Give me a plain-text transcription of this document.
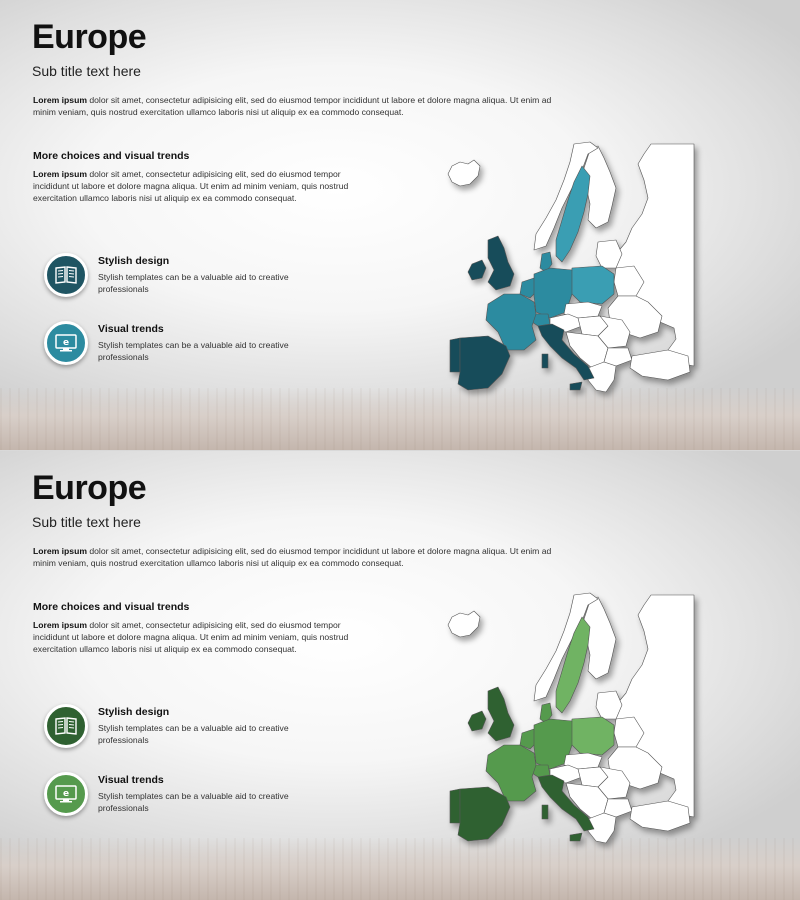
Europe
Sub title text here

Lorem ipsum dolor sit amet, consectetur adipisicing elit, sed do eiusmod tempor incididunt ut labore et dolore magna aliqua. Ut enim ad minim veniam, quis nostrud exercitation ullamco laboris nisi ut aliquip ex ea commodo consequat.

More choices and visual trends

Lorem ipsum dolor sit amet, consectetur adipisicing elit, sed do eiusmod tempor incididunt ut labore et dolore magna aliqua. Ut enim ad minim veniam, quis nostrud exercitation ullamco laboris nisi ut aliquip ex ea commodo consequat.

Stylish design
Stylish templates can be a valuable aid to creative professionals
e
Visual trends
Stylish templates can be a valuable aid to creative professionals
Europe
Sub title text here

Lorem ipsum dolor sit amet, consectetur adipisicing elit, sed do eiusmod tempor incididunt ut labore et dolore magna aliqua. Ut enim ad minim veniam, quis nostrud exercitation ullamco laboris nisi ut aliquip ex ea commodo consequat.

More choices and visual trends

Lorem ipsum dolor sit amet, consectetur adipisicing elit, sed do eiusmod tempor incididunt ut labore et dolore magna aliqua. Ut enim ad minim veniam, quis nostrud exercitation ullamco laboris nisi ut aliquip ex ea commodo consequat.

Stylish design
Stylish templates can be a valuable aid to creative professionals
e
Visual trends
Stylish templates can be a valuable aid to creative professionals
